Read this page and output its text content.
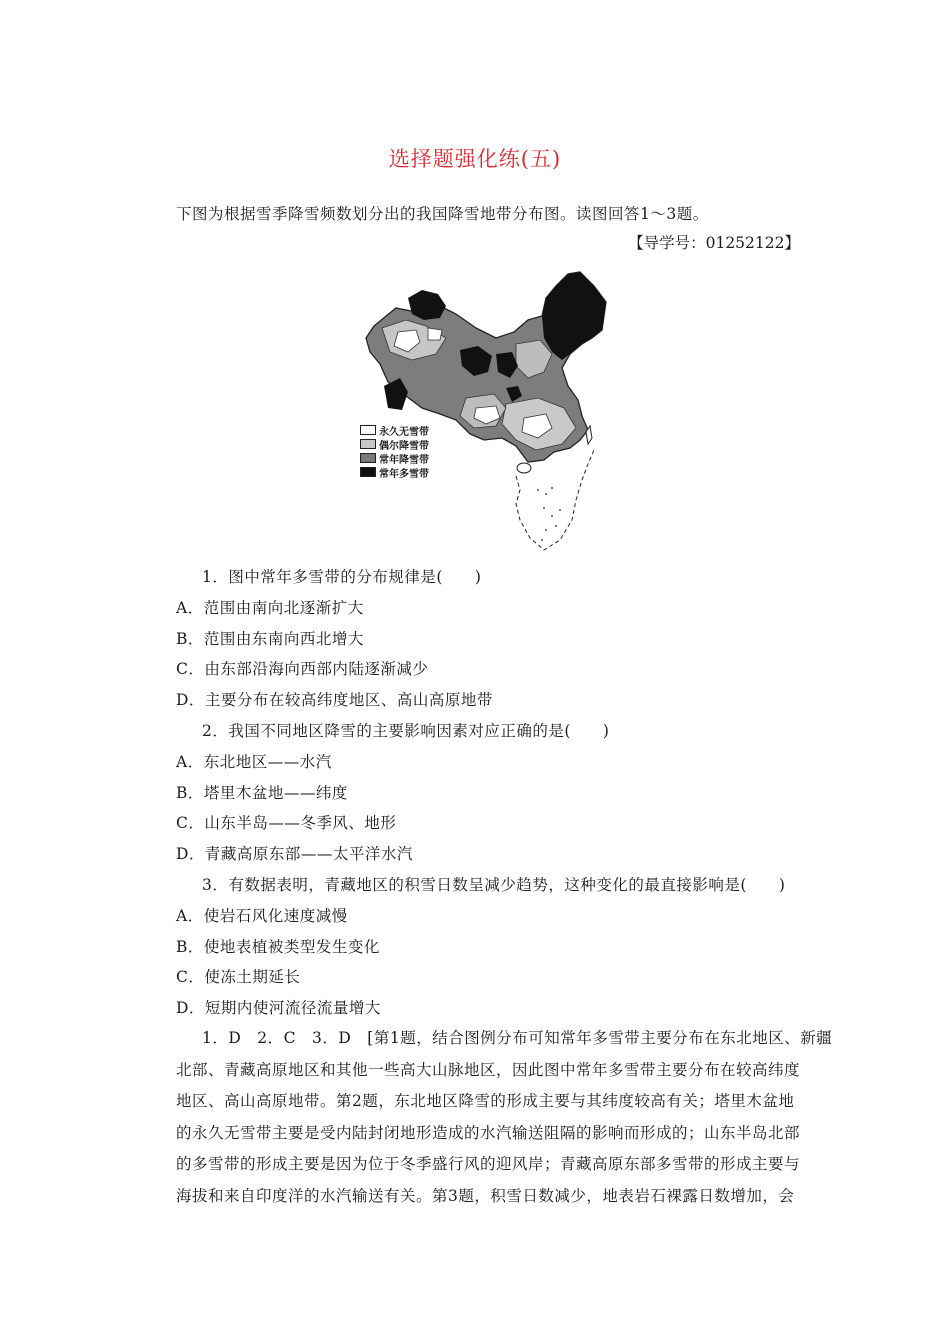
选择题强化练(五)
下图为根据雪季降雪频数划分出的我国降雪地带分布图。读图回答1～3题。
【导学号：01252122】
永久无雪带
偶尔降雪带
常年降雪带
常年多雪带
1．图中常年多雪带的分布规律是(　　)
A．范围由南向北逐渐扩大
B．范围由东南向西北增大
C．由东部沿海向西部内陆逐渐减少
D．主要分布在较高纬度地区、高山高原地带
2．我国不同地区降雪的主要影响因素对应正确的是(　　)
A．东北地区——水汽
B．塔里木盆地——纬度
C．山东半岛——冬季风、地形
D．青藏高原东部——太平洋水汽
3．有数据表明，青藏地区的积雪日数呈减少趋势，这种变化的最直接影响是(　　)
A．使岩石风化速度减慢
B．使地表植被类型发生变化
C．使冻土期延长
D．短期内使河流径流量增大
1．D　2．C　3．D　[第1题，结合图例分布可知常年多雪带主要分布在东北地区、新疆
北部、青藏高原地区和其他一些高大山脉地区，因此图中常年多雪带主要分布在较高纬度
地区、高山高原地带。第2题，东北地区降雪的形成主要与其纬度较高有关；塔里木盆地
的永久无雪带主要是受内陆封闭地形造成的水汽输送阻隔的影响而形成的；山东半岛北部
的多雪带的形成主要是因为位于冬季盛行风的迎风岸；青藏高原东部多雪带的形成主要与
海拔和来自印度洋的水汽输送有关。第3题，积雪日数减少，地表岩石裸露日数增加，会
